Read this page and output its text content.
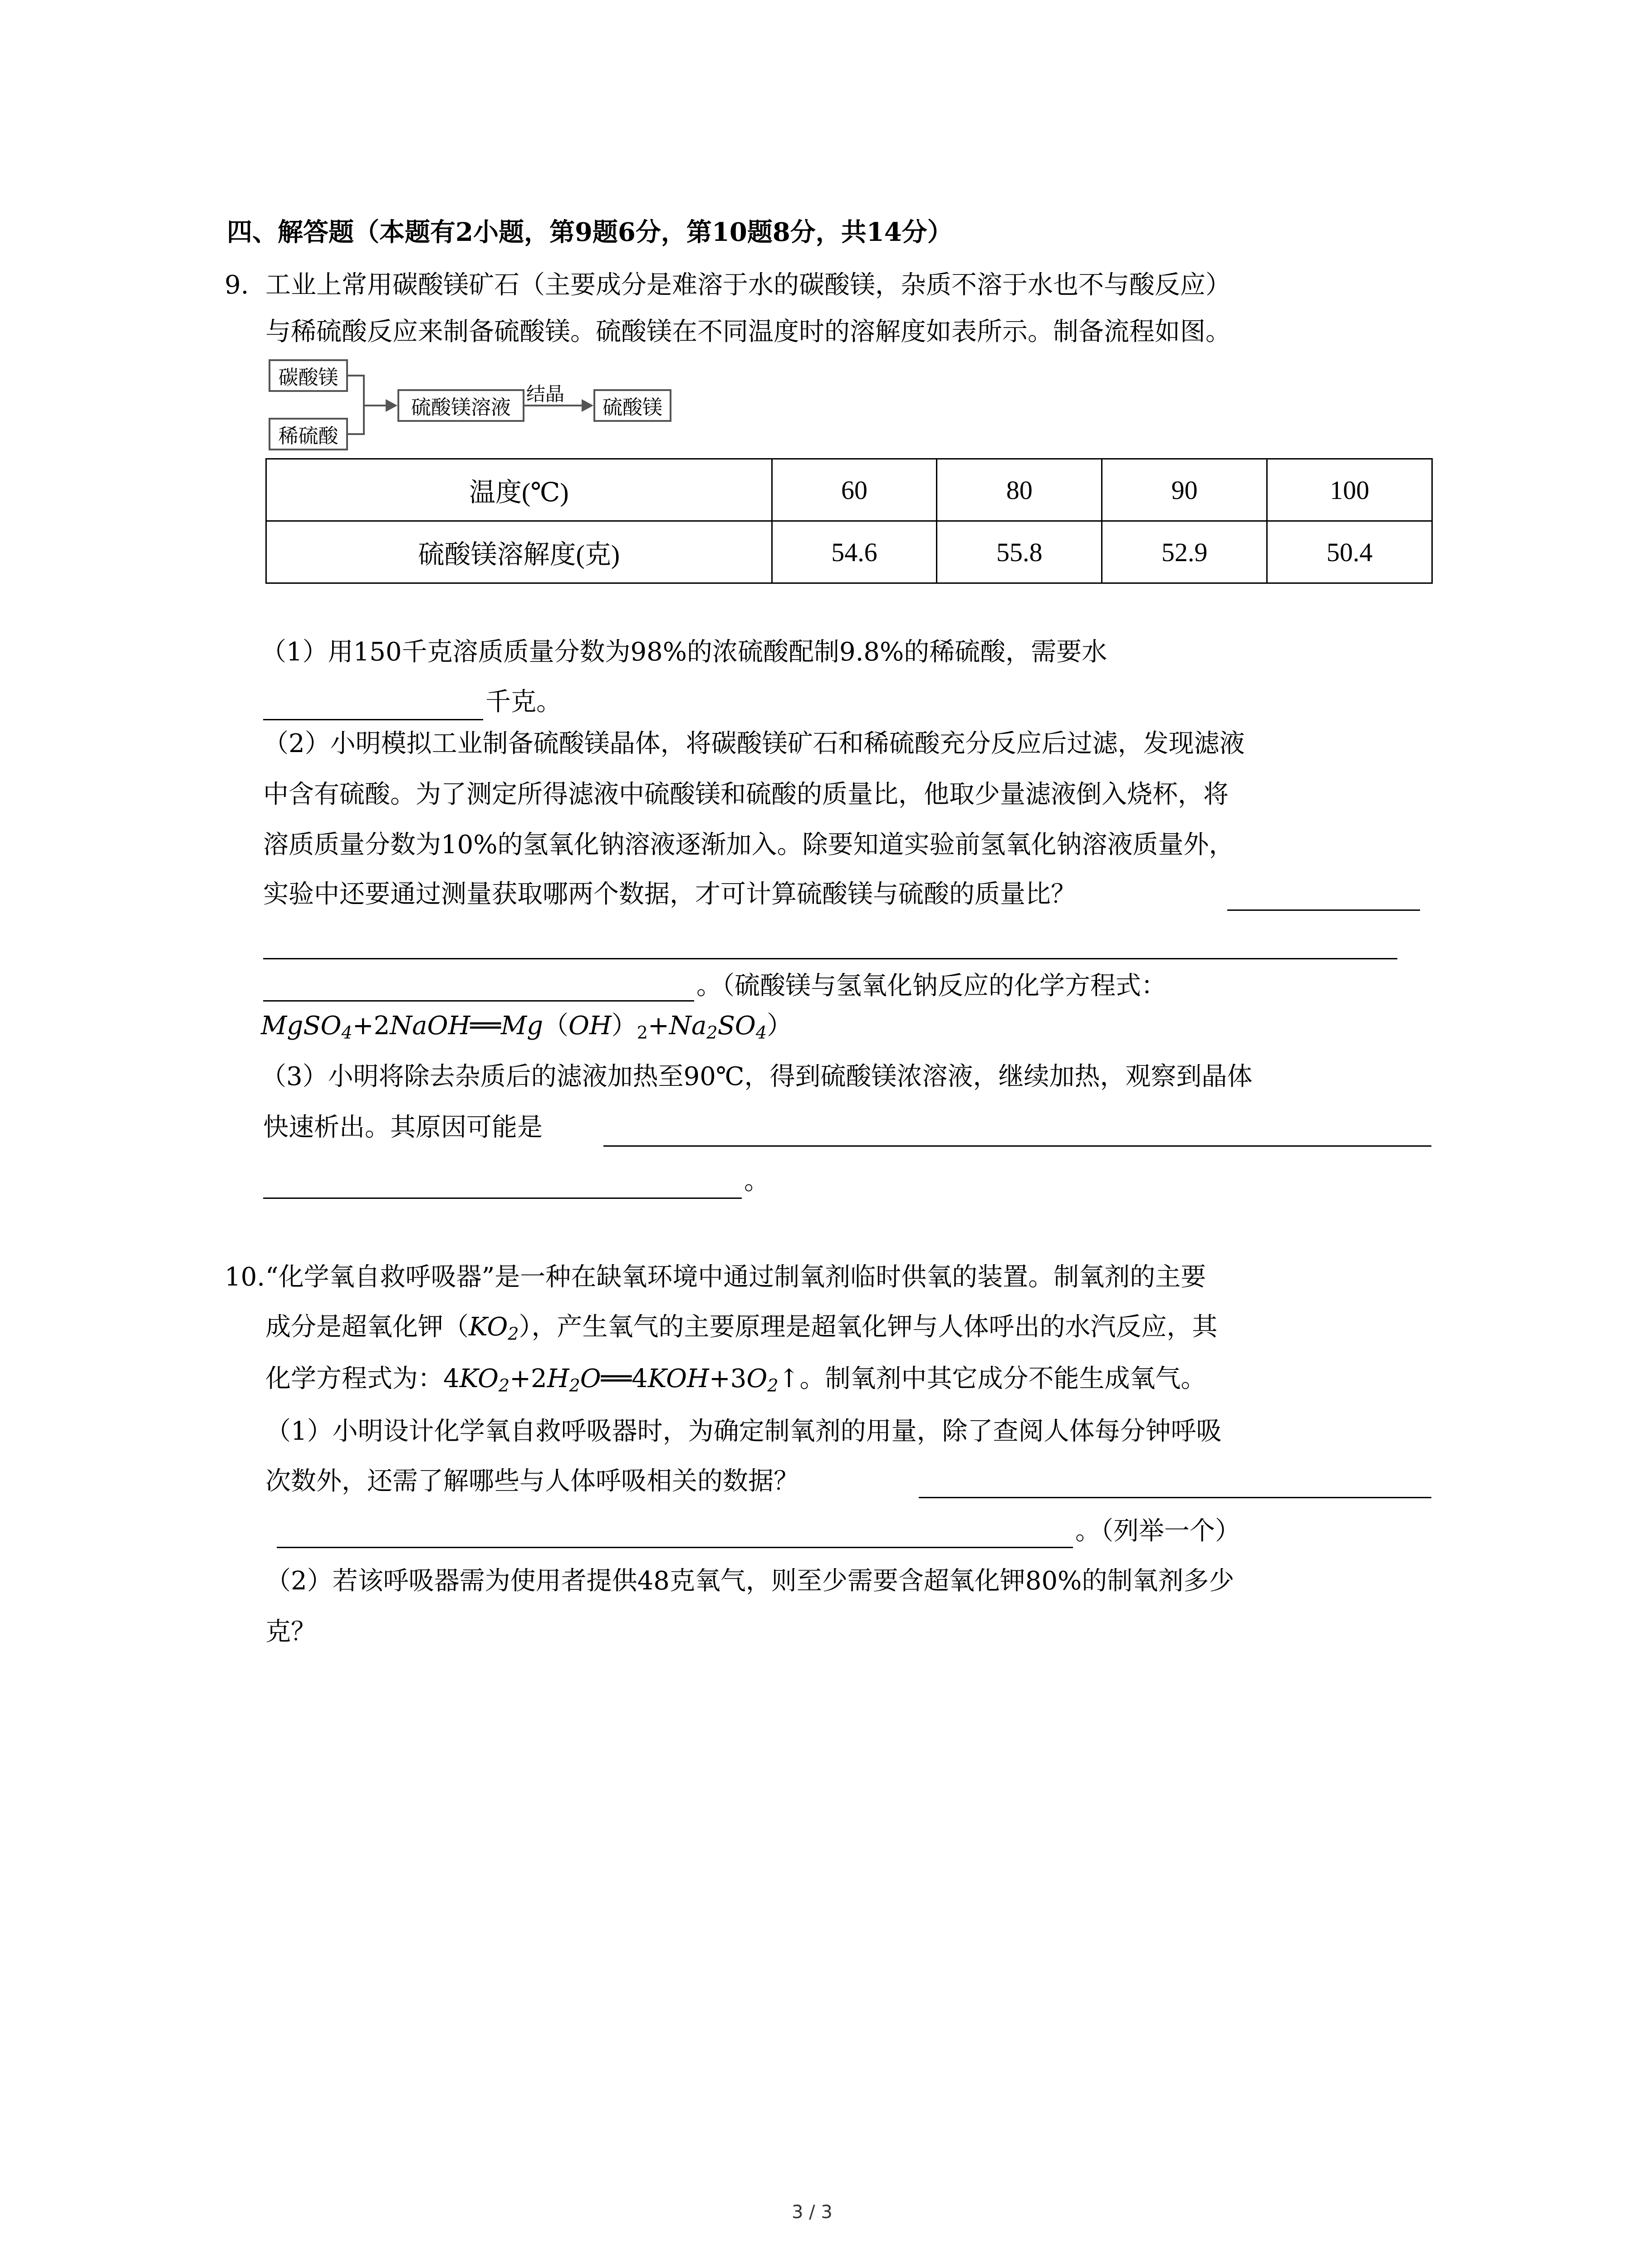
四、解答题（本题有2小题，第9题6分，第10题8分，共14分）
9. 工业上常用碳酸镁矿石（主要成分是难溶于水的碳酸镁，杂质不溶于水也不与酸反应）
与稀硫酸反应来制备硫酸镁。硫酸镁在不同温度时的溶解度如表所示。制备流程如图。
碳酸镁
稀硫酸
硫酸镁溶液
结晶
硫酸镁
温度(℃)	60	80	90	100
硫酸镁溶解度(克)	54.6	55.8	52.9	50.4
（1）用150千克溶质质量分数为98%的浓硫酸配制9.8%的稀硫酸，需要水
千克。
（2）小明模拟工业制备硫酸镁晶体，将碳酸镁矿石和稀硫酸充分反应后过滤，发现滤液
中含有硫酸。为了测定所得滤液中硫酸镁和硫酸的质量比，他取少量滤液倒入烧杯，将
溶质质量分数为10%的氢氧化钠溶液逐渐加入。除要知道实验前氢氧化钠溶液质量外，
实验中还要通过测量获取哪两个数据，才可计算硫酸镁与硫酸的质量比？
。（硫酸镁与氢氧化钠反应的化学方程式：
$MgSO_4+2NaOH══Mg(OH)_2+Na_2SO_4$）
（3）小明将除去杂质后的滤液加热至90℃，得到硫酸镁浓溶液，继续加热，观察到晶体
快速析出。其原因可能是
。
10. “化学氧自救呼吸器”是一种在缺氧环境中通过制氧剂临时供氧的装置。制氧剂的主要
成分是超氧化钾$(KO_2)$，产生氧气的主要原理是超氧化钾与人体呼出的水汽反应，其
化学方程式为：$4KO_2+2H_2O══4KOH+3O_2↑$。制氧剂中其它成分不能生成氧气。
（1）小明设计化学氧自救呼吸器时，为确定制氧剂的用量，除了查阅人体每分钟呼吸
次数外，还需了解哪些与人体呼吸相关的数据？
。（列举一个）
（2）若该呼吸器需为使用者提供48克氧气，则至少需要含超氧化钾80%的制氧剂多少
克？
3 / 3
